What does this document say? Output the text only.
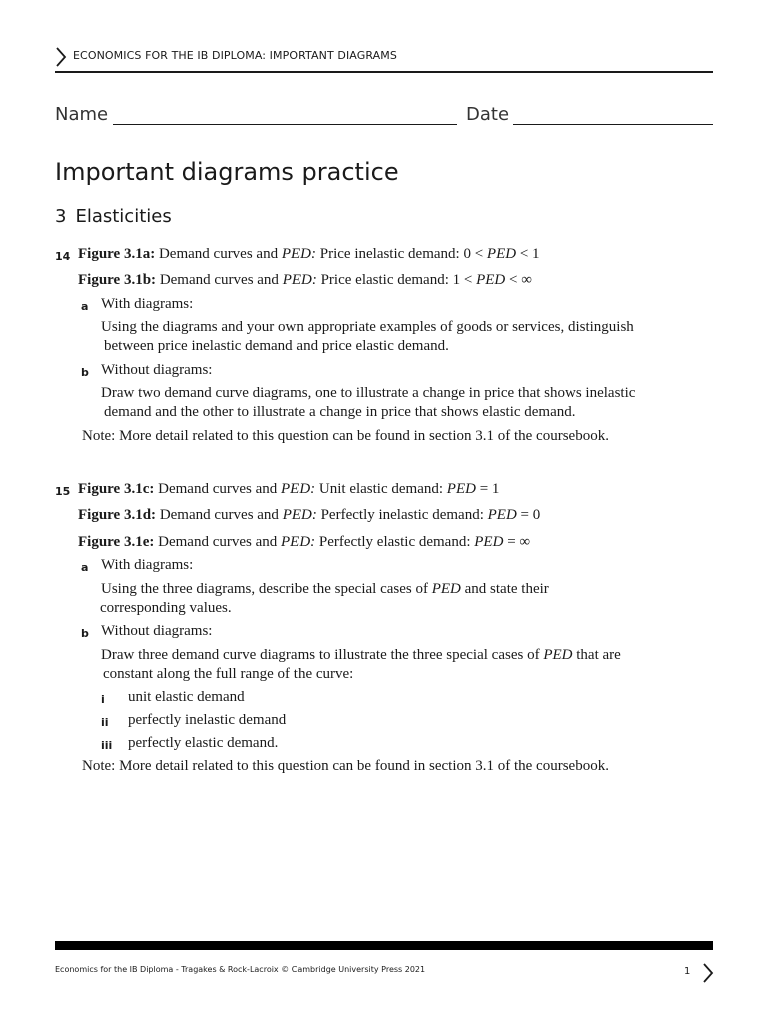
ECONOMICS FOR THE IB DIPLOMA: IMPORTANT DIAGRAMS
Name	Date
Important diagrams practice
3 Elasticities
14 Figure 3.1a: Demand curves and PED: Price inelastic demand: 0 < PED < 1
Figure 3.1b: Demand curves and PED: Price elastic demand: 1 < PED < ∞
a With diagrams:
Using the diagrams and your own appropriate examples of goods or services, distinguish
between price inelastic demand and price elastic demand.
b Without diagrams:
Draw two demand curve diagrams, one to illustrate a change in price that shows inelastic
demand and the other to illustrate a change in price that shows elastic demand.
Note: More detail related to this question can be found in section 3.1 of the coursebook.
15 Figure 3.1c: Demand curves and PED: Unit elastic demand: PED = 1
Figure 3.1d: Demand curves and PED: Perfectly inelastic demand: PED = 0
Figure 3.1e: Demand curves and PED: Perfectly elastic demand: PED = ∞
a With diagrams:
Using the three diagrams, describe the special cases of PED and state their
corresponding values.
b Without diagrams:
Draw three demand curve diagrams to illustrate the three special cases of PED that are
constant along the full range of the curve:
i unit elastic demand
ii perfectly inelastic demand
iii perfectly elastic demand.
Note: More detail related to this question can be found in section 3.1 of the coursebook.
Economics for the IB Diploma - Tragakes & Rock-Lacroix © Cambridge University Press 2021	1
